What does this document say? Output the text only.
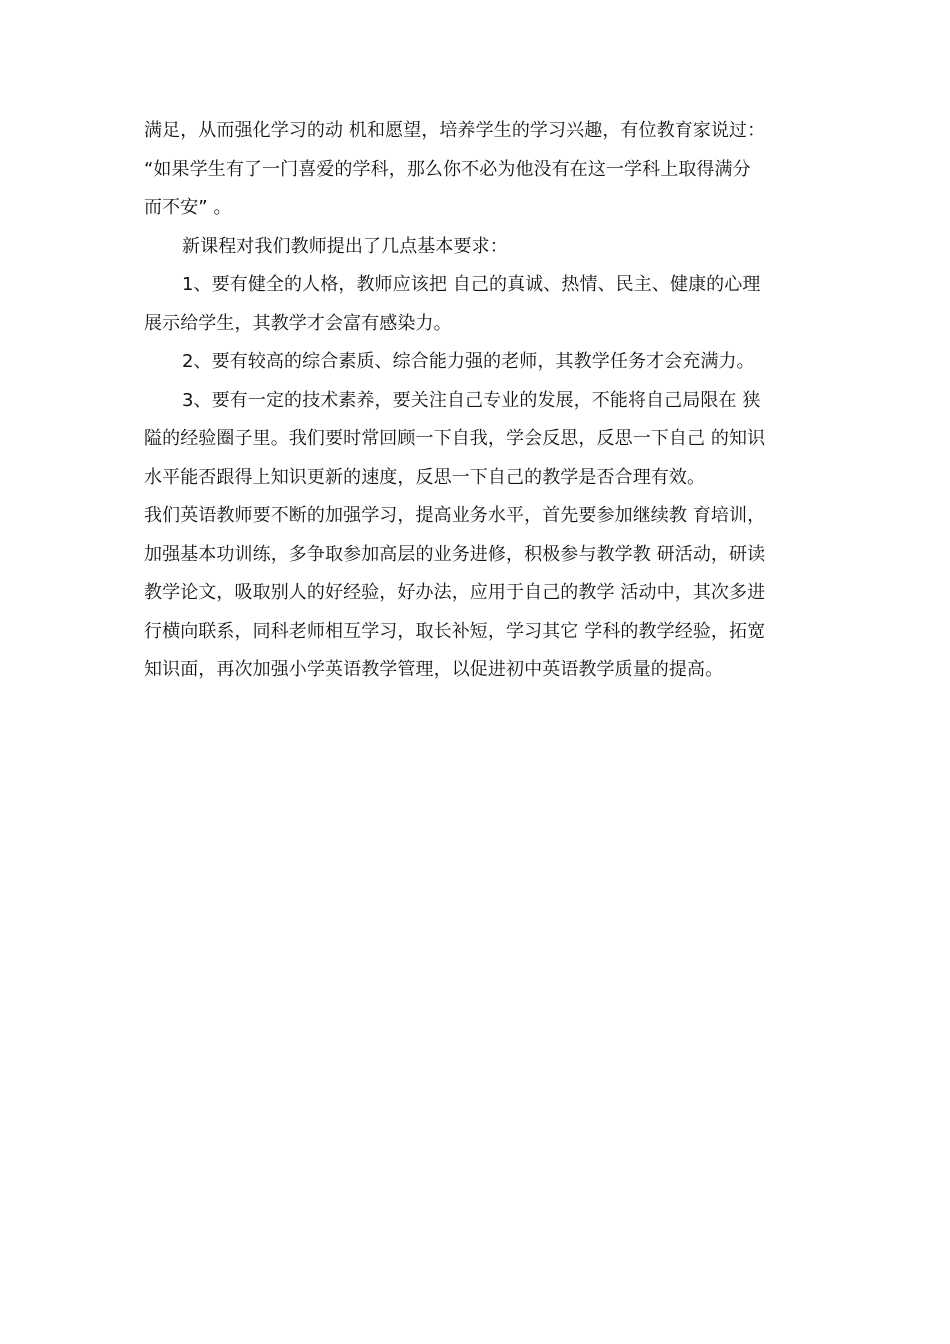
满足，从而强化学习的动 机和愿望，培养学生的学习兴趣，有位教育家说过：
“如果学生有了一门喜爱的学科，那么你不必为他没有在这一学科上取得满分
而不安” 。
新课程对我们教师提出了几点基本要求：
1、要有健全的人格，教师应该把 自己的真诚、热情、民主、健康的心理
展示给学生，其教学才会富有感染力。
2、要有较高的综合素质、综合能力强的老师，其教学任务才会充满力。
3、要有一定的技术素养，要关注自己专业的发展，不能将自己局限在 狭
隘的经验圈子里。我们要时常回顾一下自我，学会反思，反思一下自己 的知识
水平能否跟得上知识更新的速度，反思一下自己的教学是否合理有效。
我们英语教师要不断的加强学习，提高业务水平，首先要参加继续教 育培训，
加强基本功训练，多争取参加高层的业务进修，积极参与教学教 研活动，研读
教学论文，吸取别人的好经验，好办法，应用于自己的教学 活动中，其次多进
行横向联系，同科老师相互学习，取长补短，学习其它 学科的教学经验，拓宽
知识面，再次加强小学英语教学管理，以促进初中英语教学质量的提高。
